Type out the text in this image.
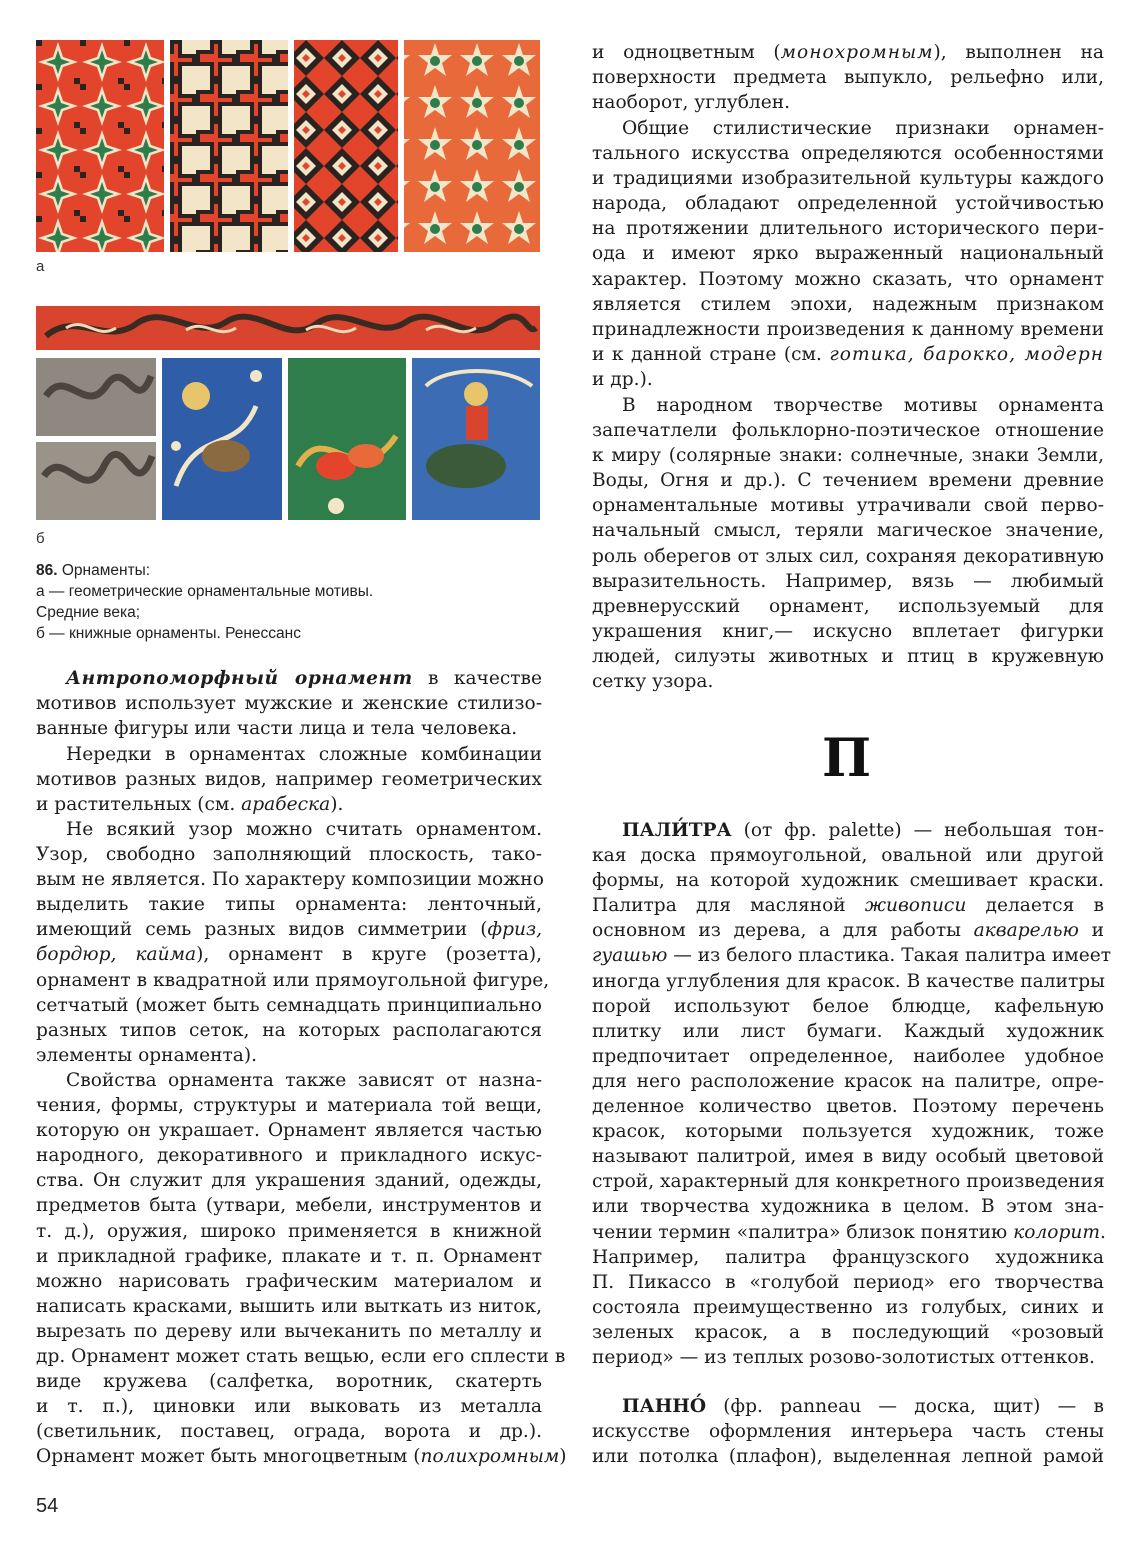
а
б
86. Орнаменты:
а — геометрические орнаментальные мотивы.
Средние века;
б — книжные орнаменты. Ренессанс
Антропоморфный орнамент в качестве
мотивов использует мужские и женские стилизо-
ванные фигуры или части лица и тела человека.
Нередки в орнаментах сложные комбинации
мотивов разных видов, например геометрических
и растительных (см. арабеска).
Не всякий узор можно считать орнаментом.
Узор, свободно заполняющий плоскость, тако-
вым не является. По характеру композиции можно
выделить такие типы орнамента: ленточный,
имеющий семь разных видов симметрии (фриз,
бордюр, кайма), орнамент в круге (розетта),
орнамент в квадратной или прямоугольной фигуре,
сетчатый (может быть семнадцать принципиально
разных типов сеток, на которых располагаются
элементы орнамента).
Свойства орнамента также зависят от назна-
чения, формы, структуры и материала той вещи,
которую он украшает. Орнамент является частью
народного, декоративного и прикладного искус-
ства. Он служит для украшения зданий, одежды,
предметов быта (утвари, мебели, инструментов и
т. д.), оружия, широко применяется в книжной
и прикладной графике, плакате и т. п. Орнамент
можно нарисовать графическим материалом и
написать красками, вышить или выткать из ниток,
вырезать по дереву или вычеканить по металлу и
др. Орнамент может стать вещью, если его сплести в
виде кружева (салфетка, воротник, скатерть
и т. п.), циновки или выковать из металла
(светильник, поставец, ограда, ворота и др.).
Орнамент может быть многоцветным (полихромным)
и одноцветным (монохромным), выполнен на
поверхности предмета выпукло, рельефно или,
наоборот, углублен.
Общие стилистические признаки орнамен-
тального искусства определяются особенностями
и традициями изобразительной культуры каждого
народа, обладают определенной устойчивостью
на протяжении длительного исторического пери-
ода и имеют ярко выраженный национальный
характер. Поэтому можно сказать, что орнамент
является стилем эпохи, надежным признаком
принадлежности произведения к данному времени
и к данной стране (см. готика, барокко, модерн
и др.).
В народном творчестве мотивы орнамента
запечатлели фольклорно-поэтическое отношение
к миру (солярные знаки: солнечные, знаки Земли,
Воды, Огня и др.). С течением времени древние
орнаментальные мотивы утрачивали свой перво-
начальный смысл, теряли магическое значение,
роль оберегов от злых сил, сохраняя декоративную
выразительность. Например, вязь — любимый
древнерусский орнамент, используемый для
украшения книг,— искусно вплетает фигурки
людей, силуэты животных и птиц в кружевную
сетку узора.
ПАЛИ́ТРА (от фр. palette) — небольшая тон-
кая доска прямоугольной, овальной или другой
формы, на которой художник смешивает краски.
Палитра для масляной живописи делается в
основном из дерева, а для работы акварелью и
гуашью — из белого пластика. Такая палитра имеет
иногда углубления для красок. В качестве палитры
порой используют белое блюдце, кафельную
плитку или лист бумаги. Каждый художник
предпочитает определенное, наиболее удобное
для него расположение красок на палитре, опре-
деленное количество цветов. Поэтому перечень
красок, которыми пользуется художник, тоже
называют палитрой, имея в виду особый цветовой
строй, характерный для конкретного произведения
или творчества художника в целом. В этом зна-
чении термин «палитра» близок понятию колорит.
Например, палитра французского художника
П. Пикассо в «голубой период» его творчества
состояла преимущественно из голубых, синих и
зеленых красок, а в последующий «розовый
период» — из теплых розово-золотистых оттенков.
ПАННО́ (фр. panneau — доска, щит) — в
искусстве оформления интерьера часть стены
или потолка (плафон), выделенная лепной рамой
П
54
